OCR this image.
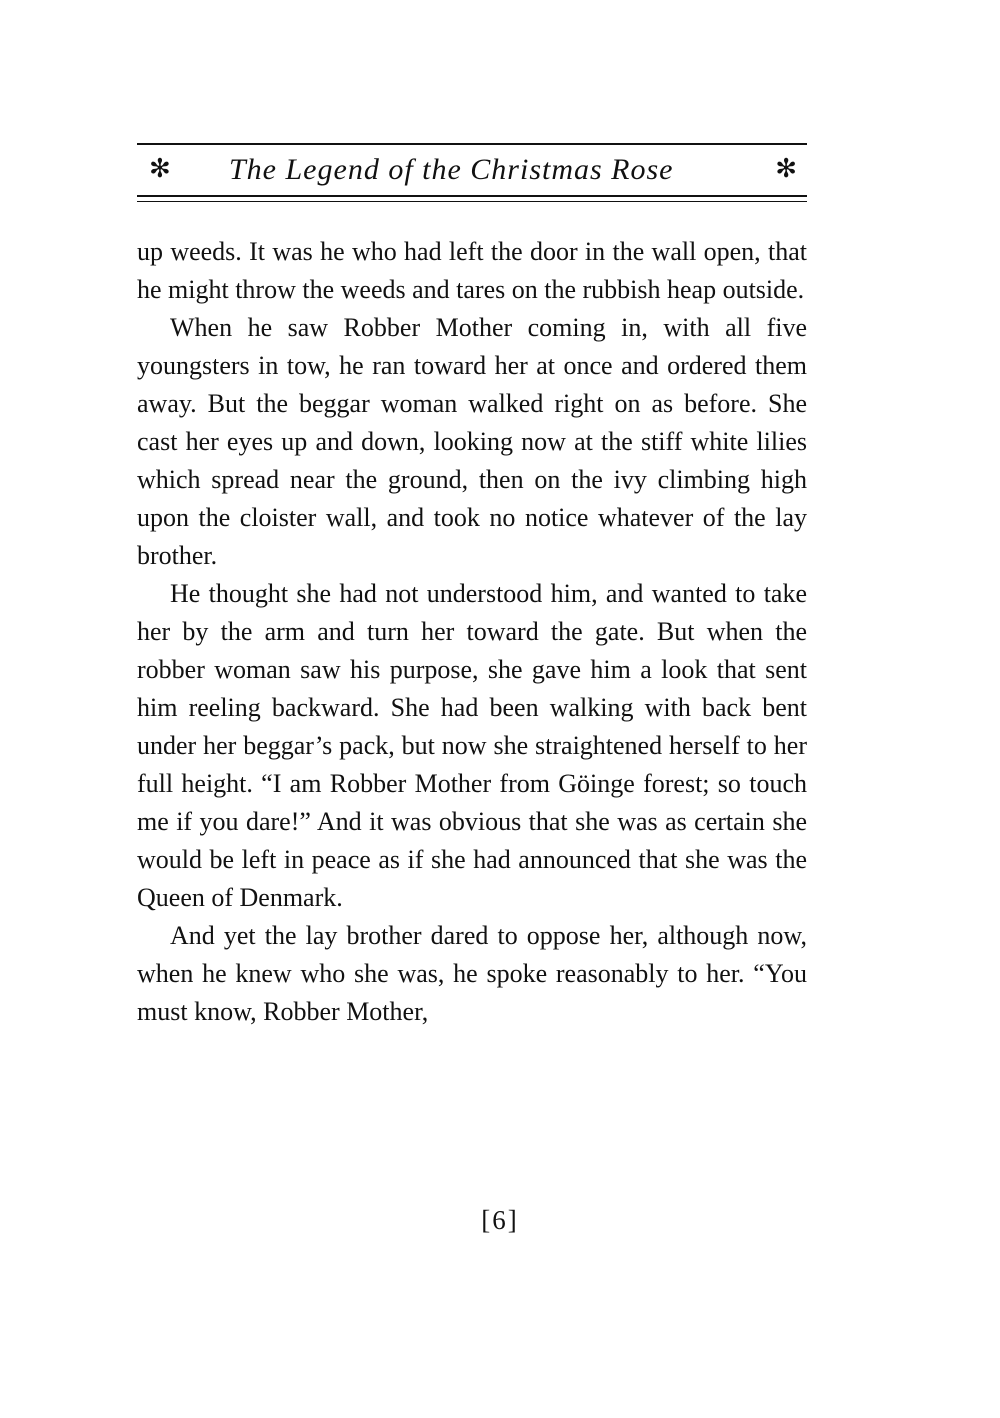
✻ The Legend of the Christmas Rose	✻

up weeds. It was he who had left the door in the wall open, that he might throw the weeds and tares on the rubbish heap outside.

When he saw Robber Mother coming in, with all five youngsters in tow, he ran toward her at once and ordered them away. But the beggar woman walked right on as before. She cast her eyes up and down, looking now at the stiff white lilies which spread near the ground, then on the ivy climbing high upon the cloister wall, and took no notice whatever of the lay brother.

He thought she had not understood him, and wanted to take her by the arm and turn her toward the gate. But when the robber woman saw his purpose, she gave him a look that sent him reeling backward. She had been walking with back bent under her beggar’s pack, but now she straightened herself to her full height. “I am Robber Mother from Göinge forest; so touch me if you dare!” And it was obvious that she was as certain she would be left in peace as if she had announced that she was the Queen of Denmark.

And yet the lay brother dared to oppose her, although now, when he knew who she was, he spoke reasonably to her. “You must know, Robber Mother,

[6]
